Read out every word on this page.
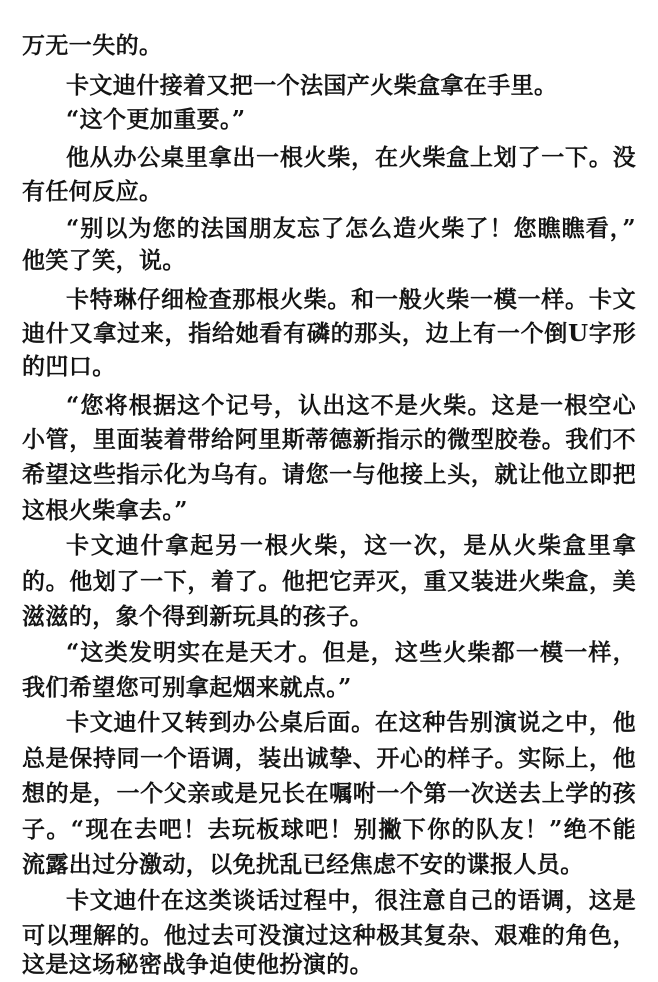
万无一失的。
卡文迪什接着又把一个法国产火柴盒拿在手里。
“这个更加重要。”
他从办公桌里拿出一根火柴，在火柴盒上划了一下。没
有任何反应。
“别以为您的法国朋友忘了怎么造火柴了！您瞧瞧看，”
他笑了笑，说。
卡特琳仔细检查那根火柴。和一般火柴一模一样。卡文
迪什又拿过来，指给她看有磷的那头，边上有一个倒U字形
的凹口。
“您将根据这个记号，认出这不是火柴。这是一根空心
小管，里面装着带给阿里斯蒂德新指示的微型胶卷。我们不
希望这些指示化为乌有。请您一与他接上头，就让他立即把
这根火柴拿去。”
卡文迪什拿起另一根火柴，这一次，是从火柴盒里拿
的。他划了一下，着了。他把它弄灭，重又装进火柴盒，美
滋滋的，象个得到新玩具的孩子。
“这类发明实在是天才。但是，这些火柴都一模一样，
我们希望您可别拿起烟来就点。”
卡文迪什又转到办公桌后面。在这种告别演说之中，他
总是保持同一个语调，装出诚挚、开心的样子。实际上，他
想的是，一个父亲或是兄长在嘱咐一个第一次送去上学的孩
子。“现在去吧！去玩板球吧！别撇下你的队友！”绝不能
流露出过分激动，以免扰乱已经焦虑不安的谍报人员。
卡文迪什在这类谈话过程中，很注意自己的语调，这是
可以理解的。他过去可没演过这种极其复杂、艰难的角色，
这是这场秘密战争迫使他扮演的。
